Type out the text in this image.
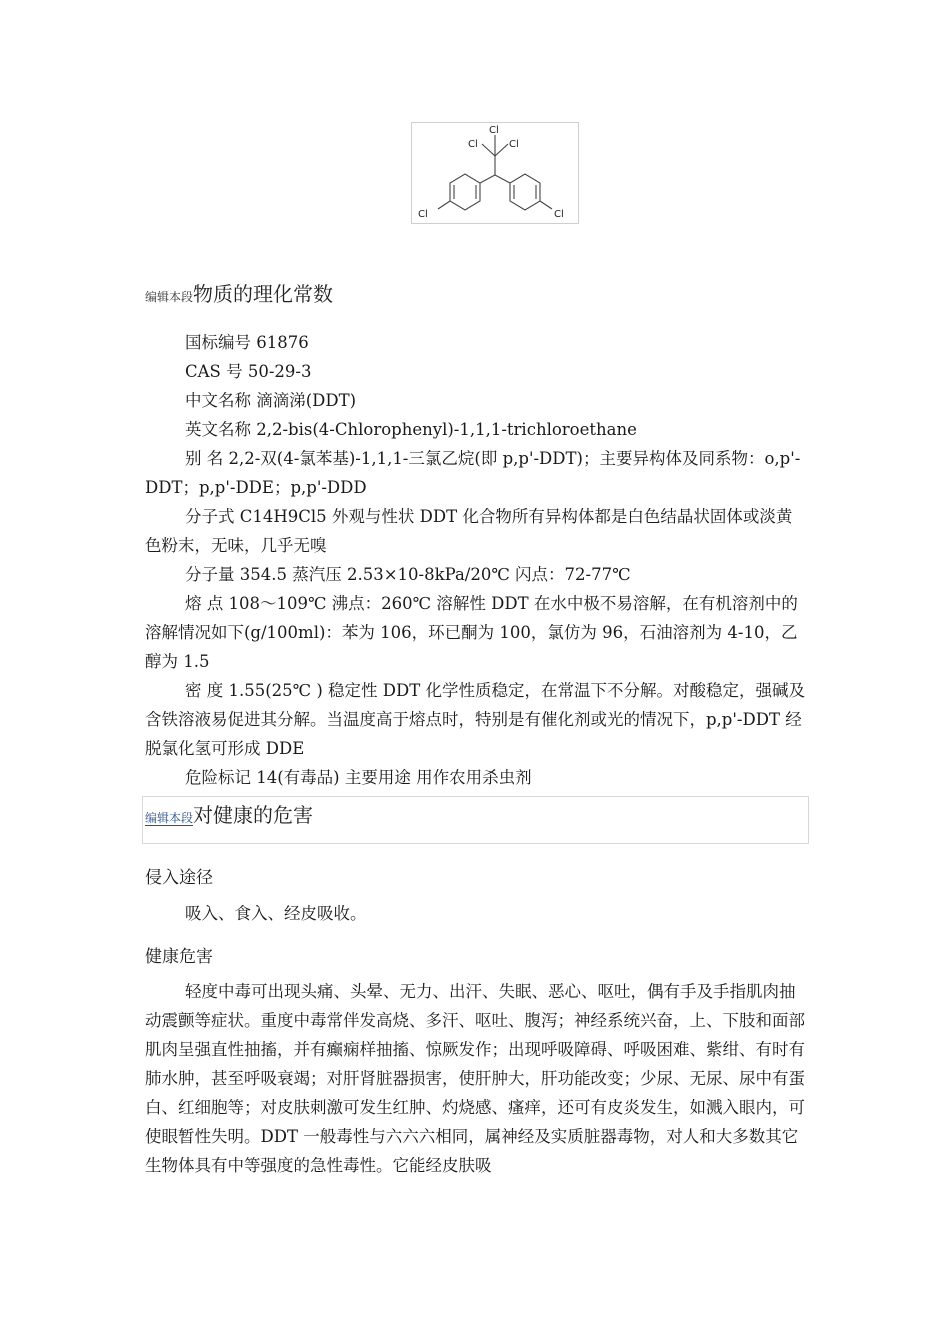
Cl
Cl	Cl
Cl	Cl
编辑本段物质的理化常数

国标编号 61876

CAS 号 50-29-3

中文名称 滴滴涕(DDT)

英文名称 2,2-bis(4-Chlorophenyl)-1,1,1-trichloroethane

别 名 2,2-双(4-氯苯基)-1,1,1-三氯乙烷(即 p,p'-DDT)；主要异构体及同系物：o,p'-DDT；p,p'-DDE；p,p'-DDD

分子式 C14H9Cl5 外观与性状 DDT 化合物所有异构体都是白色结晶状固体或淡黄色粉末，无味，几乎无嗅

分子量 354.5 蒸汽压 2.53×10-8kPa/20℃ 闪点：72-77℃

熔 点 108～109℃ 沸点：260℃ 溶解性 DDT 在水中极不易溶解，在有机溶剂中的溶解情况如下(g/100ml)：苯为 106，环已酮为 100，氯仿为 96，石油溶剂为 4-10，乙醇为 1.5

密 度 1.55(25℃ ) 稳定性 DDT 化学性质稳定，在常温下不分解。对酸稳定，强碱及含铁溶液易促进其分解。当温度高于熔点时，特别是有催化剂或光的情况下，p,p'-DDT 经脱氯化氢可形成 DDE

危险标记 14(有毒品) 主要用途 用作农用杀虫剂

编辑本段对健康的危害

侵入途径

吸入、食入、经皮吸收。

健康危害

轻度中毒可出现头痛、头晕、无力、出汗、失眠、恶心、呕吐，偶有手及手指肌肉抽动震颤等症状。重度中毒常伴发高烧、多汗、呕吐、腹泻；神经系统兴奋，上、下肢和面部肌肉呈强直性抽搐，并有癫痫样抽搐、惊厥发作；出现呼吸障碍、呼吸困难、紫绀、有时有肺水肿，甚至呼吸衰竭；对肝肾脏器损害，使肝肿大，肝功能改变；少尿、无尿、尿中有蛋白、红细胞等；对皮肤刺激可发生红肿、灼烧感、瘙痒，还可有皮炎发生，如溅入眼内，可使眼暂性失明。DDT 一般毒性与六六六相同，属神经及实质脏器毒物，对人和大多数其它生物体具有中等强度的急性毒性。它能经皮肤吸
